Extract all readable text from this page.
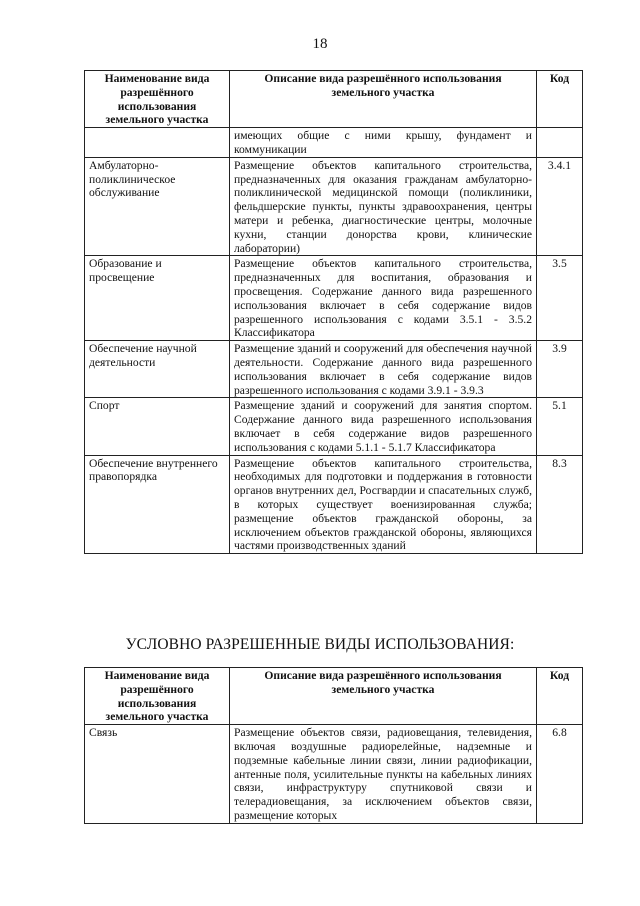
18
Наименование вида разрешённого использования земельного участка	Описание вида разрешённого использования земельного участка	Код
	имеющих общие с ними крышу, фундамент и коммуникации	
Амбулаторно-поликлиническое обслуживание	Размещение объектов капитального строительства, предназначенных для оказания гражданам амбулаторно-поликлинической медицинской помощи (поликлиники, фельдшерские пункты, пункты здравоохранения, центры матери и ребенка, диагностические центры, молочные кухни, станции донорства крови, клинические лаборатории)	3.4.1
Образование и просвещение	Размещение объектов капитального строительства, предназначенных для воспитания, образования и просвещения. Содержание данного вида разрешенного использования включает в себя содержание видов разрешенного использования с кодами 3.5.1 - 3.5.2 Классификатора	3.5
Обеспечение научной деятельности	Размещение зданий и сооружений для обеспечения научной деятельности. Содержание данного вида разрешенного использования включает в себя содержание видов разрешенного использования с кодами 3.9.1 - 3.9.3	3.9
Спорт	Размещение зданий и сооружений для занятия спортом. Содержание данного вида разрешенного использования включает в себя содержание видов разрешенного использования с кодами 5.1.1 - 5.1.7 Классификатора	5.1
Обеспечение внутреннего правопорядка	Размещение объектов капитального строительства, необходимых для подготовки и поддержания в готовности органов внутренних дел, Росгвардии и спасательных служб, в которых существует военизированная служба; размещение объектов гражданской обороны, за исключением объектов гражданской обороны, являющихся частями производственных зданий	8.3
УСЛОВНО РАЗРЕШЕННЫЕ ВИДЫ ИСПОЛЬЗОВАНИЯ:
Наименование вида разрешённого использования земельного участка	Описание вида разрешённого использования земельного участка	Код
Связь	Размещение объектов связи, радиовещания, телевидения, включая воздушные радиорелейные, надземные и подземные кабельные линии связи, линии радиофикации, антенные поля, усилительные пункты на кабельных линиях связи, инфраструктуру спутниковой связи и телерадиовещания, за исключением объектов связи, размещение которых	6.8
